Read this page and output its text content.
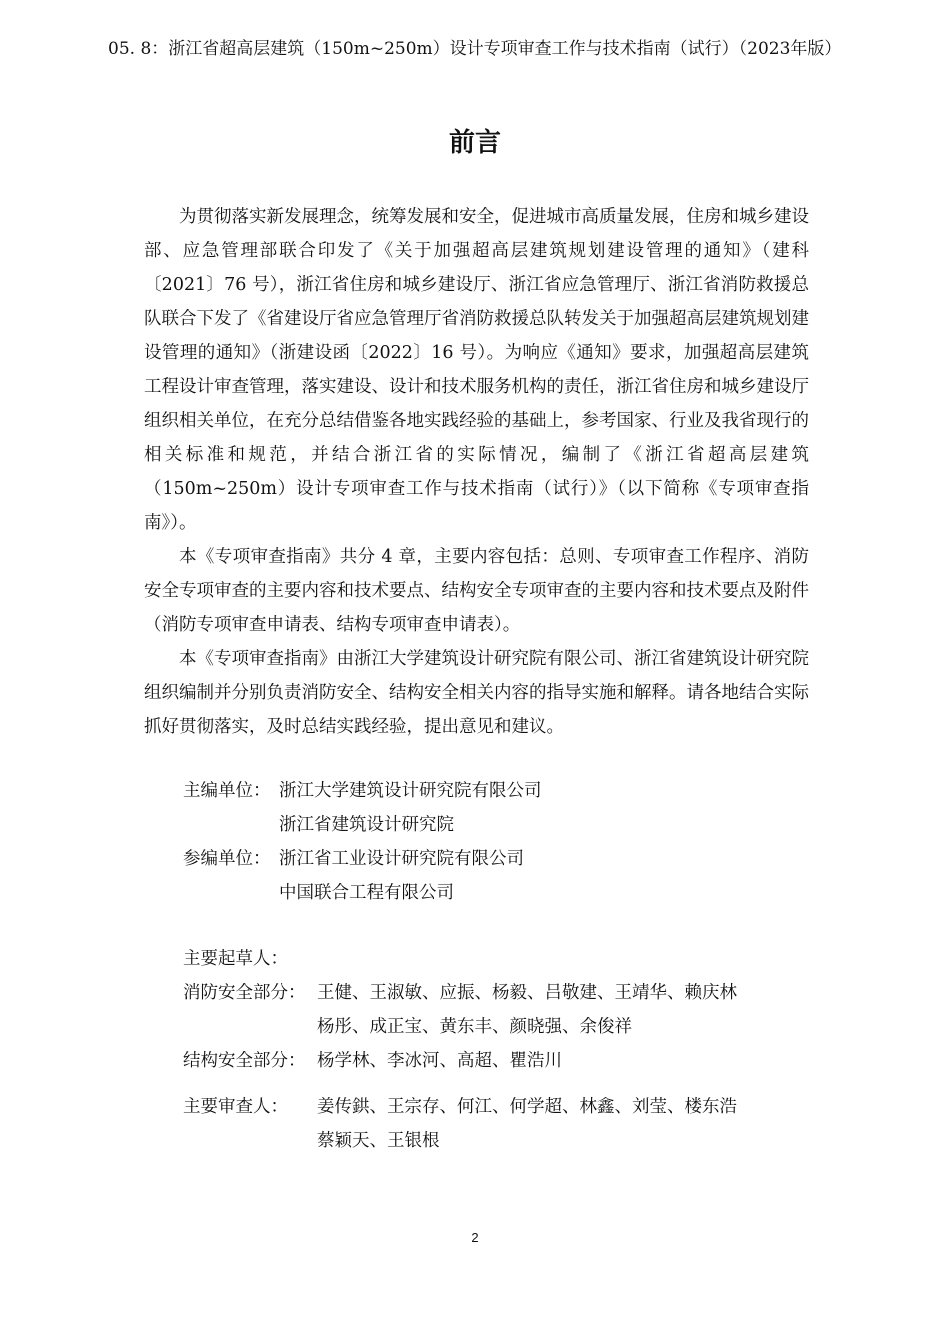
05. 8：浙江省超高层建筑（150m~250m）设计专项审查工作与技术指南（试行）（2023年版）
前言

为贯彻落实新发展理念，统筹发展和安全，促进城市高质量发展，住房和城乡建设部、应急管理部联合印发了《关于加强超高层建筑规划建设管理的通知》（建科〔2021〕76 号），浙江省住房和城乡建设厅、浙江省应急管理厅、浙江省消防救援总队联合下发了《省建设厅省应急管理厅省消防救援总队转发关于加强超高层建筑规划建设管理的通知》（浙建设函〔2022〕16 号）。为响应《通知》要求，加强超高层建筑工程设计审查管理，落实建设、设计和技术服务机构的责任，浙江省住房和城乡建设厅组织相关单位，在充分总结借鉴各地实践经验的基础上，参考国家、行业及我省现行的相关标准和规范，并结合浙江省的实际情况，编制了《浙江省超高层建筑（150m~250m）设计专项审查工作与技术指南（试行）》（以下简称《专项审查指南》）。

本《专项审查指南》共分 4 章，主要内容包括：总则、专项审查工作程序、消防安全专项审查的主要内容和技术要点、结构安全专项审查的主要内容和技术要点及附件（消防专项审查申请表、结构专项审查申请表）。

本《专项审查指南》由浙江大学建筑设计研究院有限公司、浙江省建筑设计研究院组织编制并分别负责消防安全、结构安全相关内容的指导实施和解释。请各地结合实际抓好贯彻落实，及时总结实践经验，提出意见和建议。

主编单位： 浙江大学建筑设计研究院有限公司
浙江省建筑设计研究院
参编单位： 浙江省工业设计研究院有限公司
中国联合工程有限公司
主要起草人：
消防安全部分： 王健、王淑敏、应振、杨毅、吕敬建、王靖华、赖庆林
杨彤、成正宝、黄东丰、颜晓强、余俊祥
结构安全部分： 杨学林、李冰河、高超、瞿浩川
主要审查人：	姜传鉷、王宗存、何江、何学超、林鑫、刘莹、楼东浩
蔡颖天、王银根
2
